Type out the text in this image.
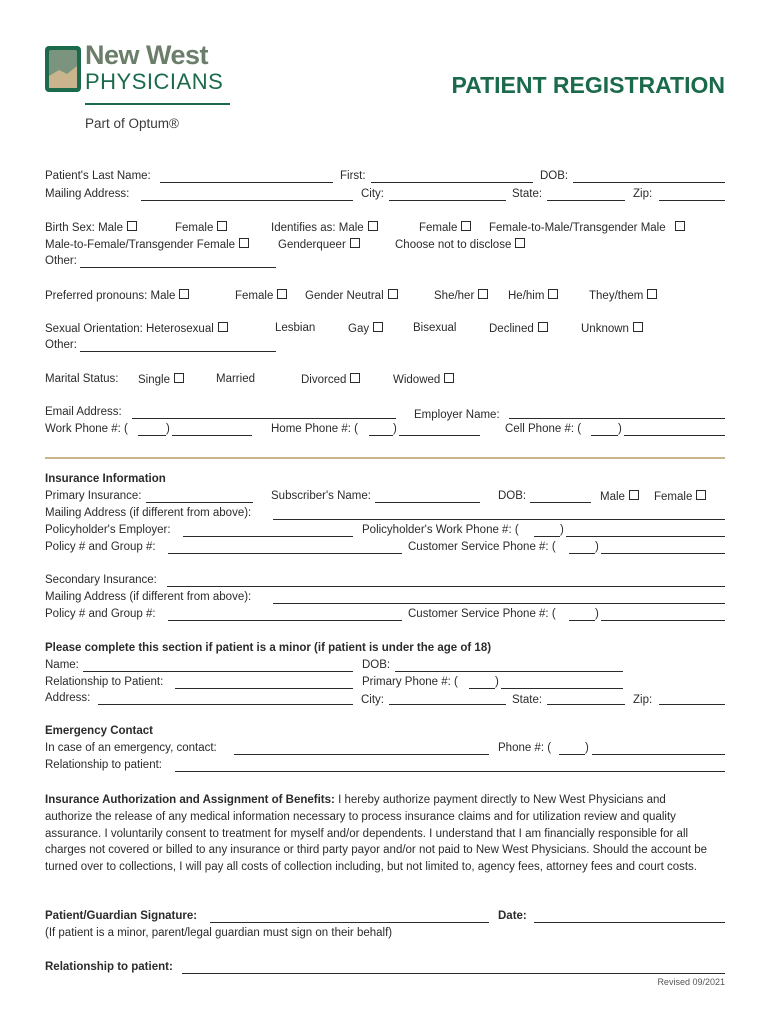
New West
PHYSICIANS
Part of Optum®
PATIENT REGISTRATION
Patient's Last Name:	First:	DOB:
Mailing Address:	City:	State:	Zip:
Birth Sex: Male	Female	Identifies as: Male	Female	Female-to-Male/Transgender Male
Male-to-Female/Transgender Female	Genderqueer	Choose not to disclose
Other:
Preferred pronouns: Male	Female	Gender Neutral	She/her	He/him	They/them
Sexual Orientation: Heterosexual	Lesbian	Gay	Bisexual	Declined	Unknown
Other:
Marital Status: Single	Married	Divorced	Widowed
Email Address:	Employer Name:
Work Phone #: (	)	Home Phone #: (	)	Cell Phone #: (	)
Insurance Information
Primary Insurance:	Subscriber's Name:	DOB:	Male	Female
Mailing Address (if different from above):
Policyholder's Employer:	Policyholder's Work Phone #: (	)
Policy # and Group #:	Customer Service Phone #: (	)
Secondary Insurance:
Mailing Address (if different from above):
Policy # and Group #:	Customer Service Phone #: (	)
Please complete this section if patient is a minor (if patient is under the age of 18)
Name:	DOB:
Relationship to Patient:	Primary Phone #: (	)
Address:	City:	State:	Zip:
Emergency Contact
In case of an emergency, contact:	Phone #: (	)
Relationship to patient:
Insurance Authorization and Assignment of Benefits: I hereby authorize payment directly to New West Physicians and authorize the release of any medical information necessary to process insurance claims and for utilization review and quality assurance. I voluntarily consent to treatment for myself and/or dependents. I understand that I am financially responsible for all charges not covered or billed to any insurance or third party payor and/or not paid to New West Physicians. Should the account be turned over to collections, I will pay all costs of collection including, but not limited to, agency fees, attorney fees and court costs.
Patient/Guardian Signature:	Date:
(If patient is a minor, parent/legal guardian must sign on their behalf)
Relationship to patient:
Revised 09/2021
